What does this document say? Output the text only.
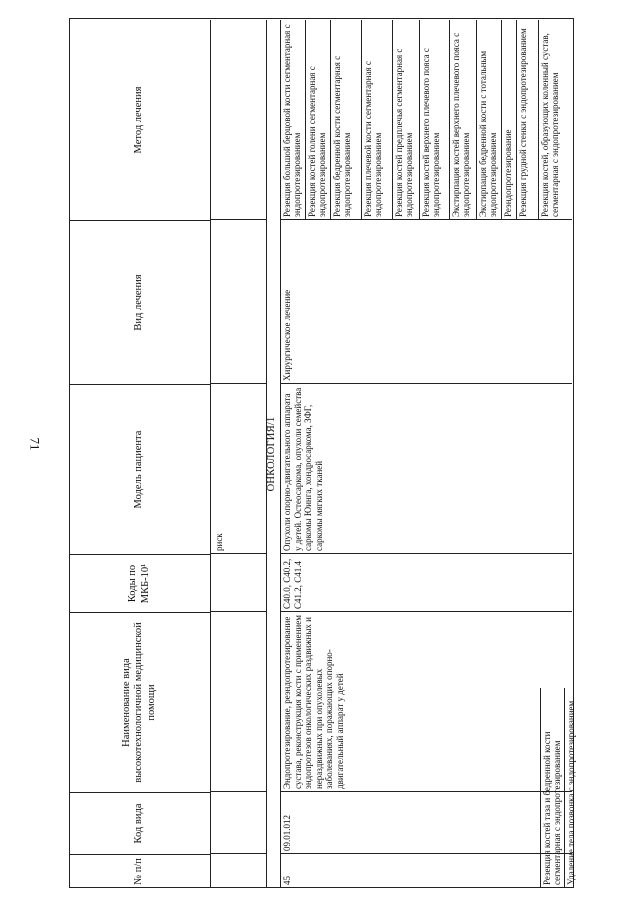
71
№ п/п
Код вида
Наименование вида высокотехнологичной медицинской помощи
Коды по МКБ-10¹
Модель пациента
Вид лечения
Метод лечения
риск
ОНКОЛОГИЯ/1
45
09.01.012
Эндопротезирование, реэндопротезирование сустава, реконструкция кости с применением эндопротезов онкологических раздвижных и нераздвижных при опухолевых заболеваниях, поражающих опорно-двигательный аппарат у детей
C40.0, C40.2, C41.2, C41.4
Опухоли опорно-двигательного аппарата у детей. Остеосаркома, опухоли семейства саркомы Юинга, хондросаркома, ЗФГ, саркомы мягких тканей
Хирургическое лечение
Резекция большой берцовой кости сегментарная с эндопротезированием Резекция костей голени сегментарная с эндопротезированием Резекция бедренной кости сегментарная с эндопротезированием Резекция плечевой кости сегментарная с эндопротезированием Резекция костей предплечья сегментарная с эндопротезированием Резекция костей верхнего плечевого пояса с эндопротезированием Экстирпация костей верхнего плечевого пояса с эндопротезированием Экстирпация бедренной кости с тотальным эндопротезированием Реэндопротезирование Резекция грудной стенки с эндопротезированием Резекция костей, образующих коленный сустав, сегментарная с эндопротезированием
Резекция костей таза и бедренной кости сегментарная с эндопротезированием Удаление тела позвонка с эндопротезированием
